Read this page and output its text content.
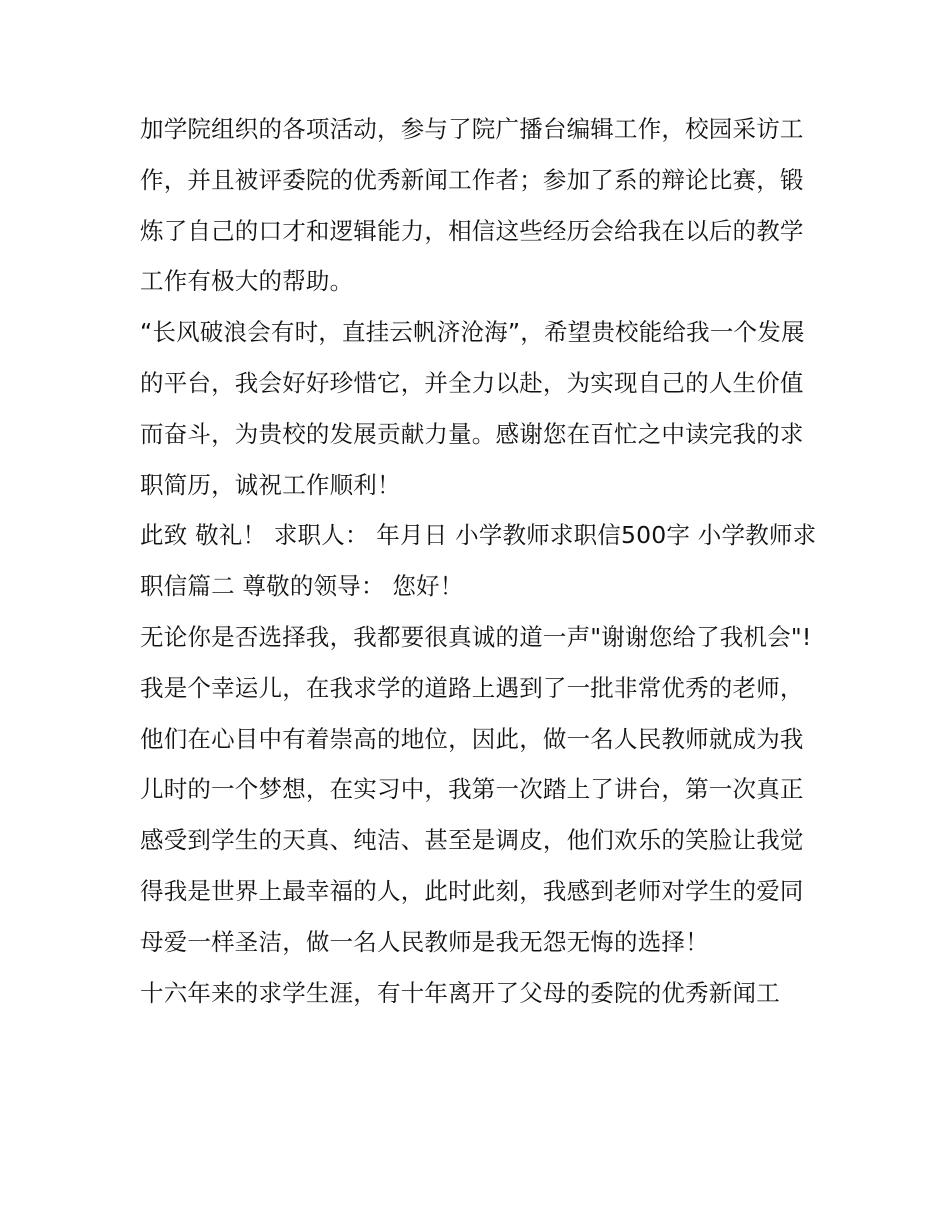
加学院组织的各项活动，参与了院广播台编辑工作，校园采访工作，并且被评委院的优秀新闻工作者；参加了系的辩论比赛，锻炼了自己的口才和逻辑能力，相信这些经历会给我在以后的教学工作有极大的帮助。

“长风破浪会有时，直挂云帆济沧海”，希望贵校能给我一个发展的平台，我会好好珍惜它，并全力以赴，为实现自己的人生价值而奋斗，为贵校的发展贡献力量。感谢您在百忙之中读完我的求职简历，诚祝工作顺利！

此致 敬礼！ 求职人： 年月日 小学教师求职信500字 小学教师求职信篇二 尊敬的领导： 您好！

无论你是否选择我，我都要很真诚的道一声"谢谢您给了我机会"!

我是个幸运儿，在我求学的道路上遇到了一批非常优秀的老师，他们在心目中有着崇高的地位，因此，做一名人民教师就成为我儿时的一个梦想，在实习中，我第一次踏上了讲台，第一次真正感受到学生的天真、纯洁、甚至是调皮，他们欢乐的笑脸让我觉得我是世界上最幸福的人，此时此刻，我感到老师对学生的爱同母爱一样圣洁，做一名人民教师是我无怨无悔的选择！

十六年来的求学生涯，有十年离开了父母的委院的优秀新闻工
